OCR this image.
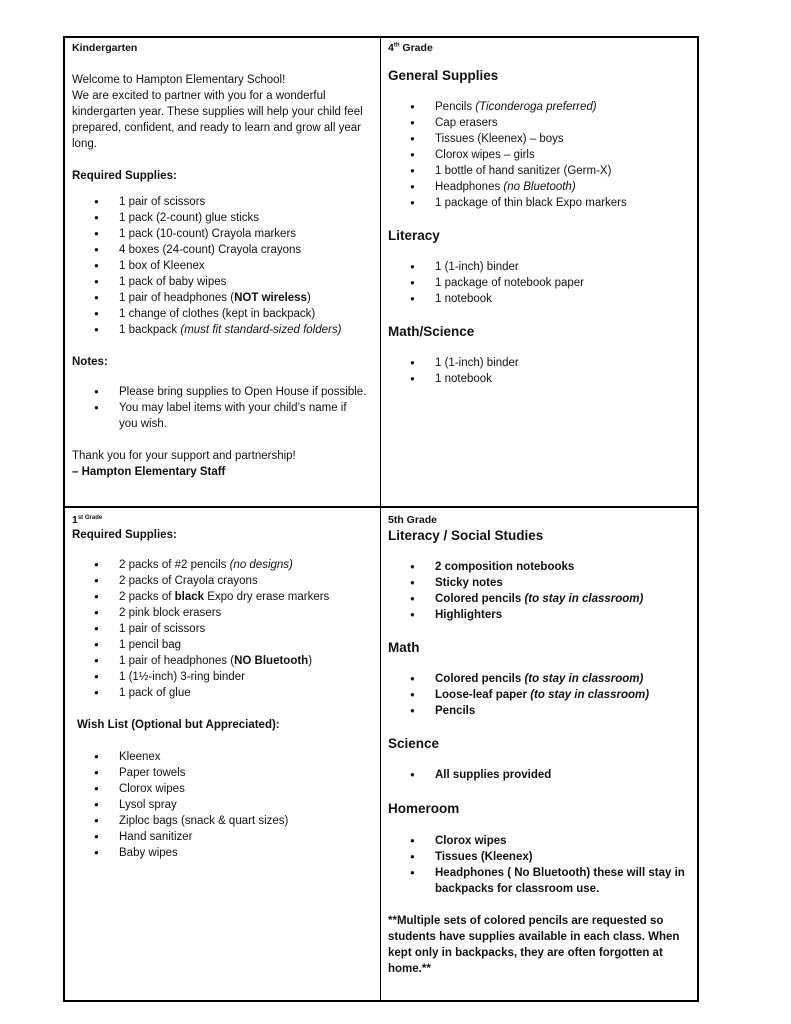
Kindergarten

Welcome to Hampton Elementary School!

We are excited to partner with you for a wonderful kindergarten year. These supplies will help your child feel prepared, confident, and ready to learn and grow all year long.

Required Supplies:

● 1 pair of scissors
● 1 pack (2-count) glue sticks
● 1 pack (10-count) Crayola markers
● 4 boxes (24-count) Crayola crayons
● 1 box of Kleenex
● 1 pack of baby wipes
● 1 pair of headphones (NOT wireless)
● 1 change of clothes (kept in backpack)
● 1 backpack (must fit standard-sized folders)

Notes:

● Please bring supplies to Open House if possible.
● You may label items with your child’s name if you wish.

Thank you for your support and partnership!

– Hampton Elementary Staff

4th Grade

General Supplies

● Pencils (Ticonderoga preferred)
● Cap erasers
● Tissues (Kleenex) – boys
● Clorox wipes – girls
● 1 bottle of hand sanitizer (Germ-X)
● Headphones (no Bluetooth)
● 1 package of thin black Expo markers

Literacy

● 1 (1-inch) binder
● 1 package of notebook paper
● 1 notebook

Math/Science

● 1 (1-inch) binder
● 1 notebook

1st $^{Grade}$

Required Supplies:

● 2 packs of #2 pencils (no designs)
● 2 packs of Crayola crayons
● 2 packs of black Expo dry erase markers
● 2 pink block erasers
● 1 pair of scissors
● 1 pencil bag
● 1 pair of headphones (NO Bluetooth)
● 1 (1½-inch) 3-ring binder
● 1 pack of glue

Wish List (Optional but Appreciated):

● Kleenex
● Paper towels
● Clorox wipes
● Lysol spray
● Ziploc bags (snack & quart sizes)
● Hand sanitizer
● Baby wipes

5th Grade

Literacy / Social Studies

● 2 composition notebooks
● Sticky notes
● Colored pencils (to stay in classroom)
● Highlighters

Math

● Colored pencils (to stay in classroom)
● Loose-leaf paper (to stay in classroom)
● Pencils

Science

● All supplies provided

Homeroom

● Clorox wipes
● Tissues (Kleenex)
● Headphones ( No Bluetooth) these will stay in backpacks for classroom use.

**Multiple sets of colored pencils are requested so students have supplies available in each class. When kept only in backpacks, they are often forgotten at home.**
